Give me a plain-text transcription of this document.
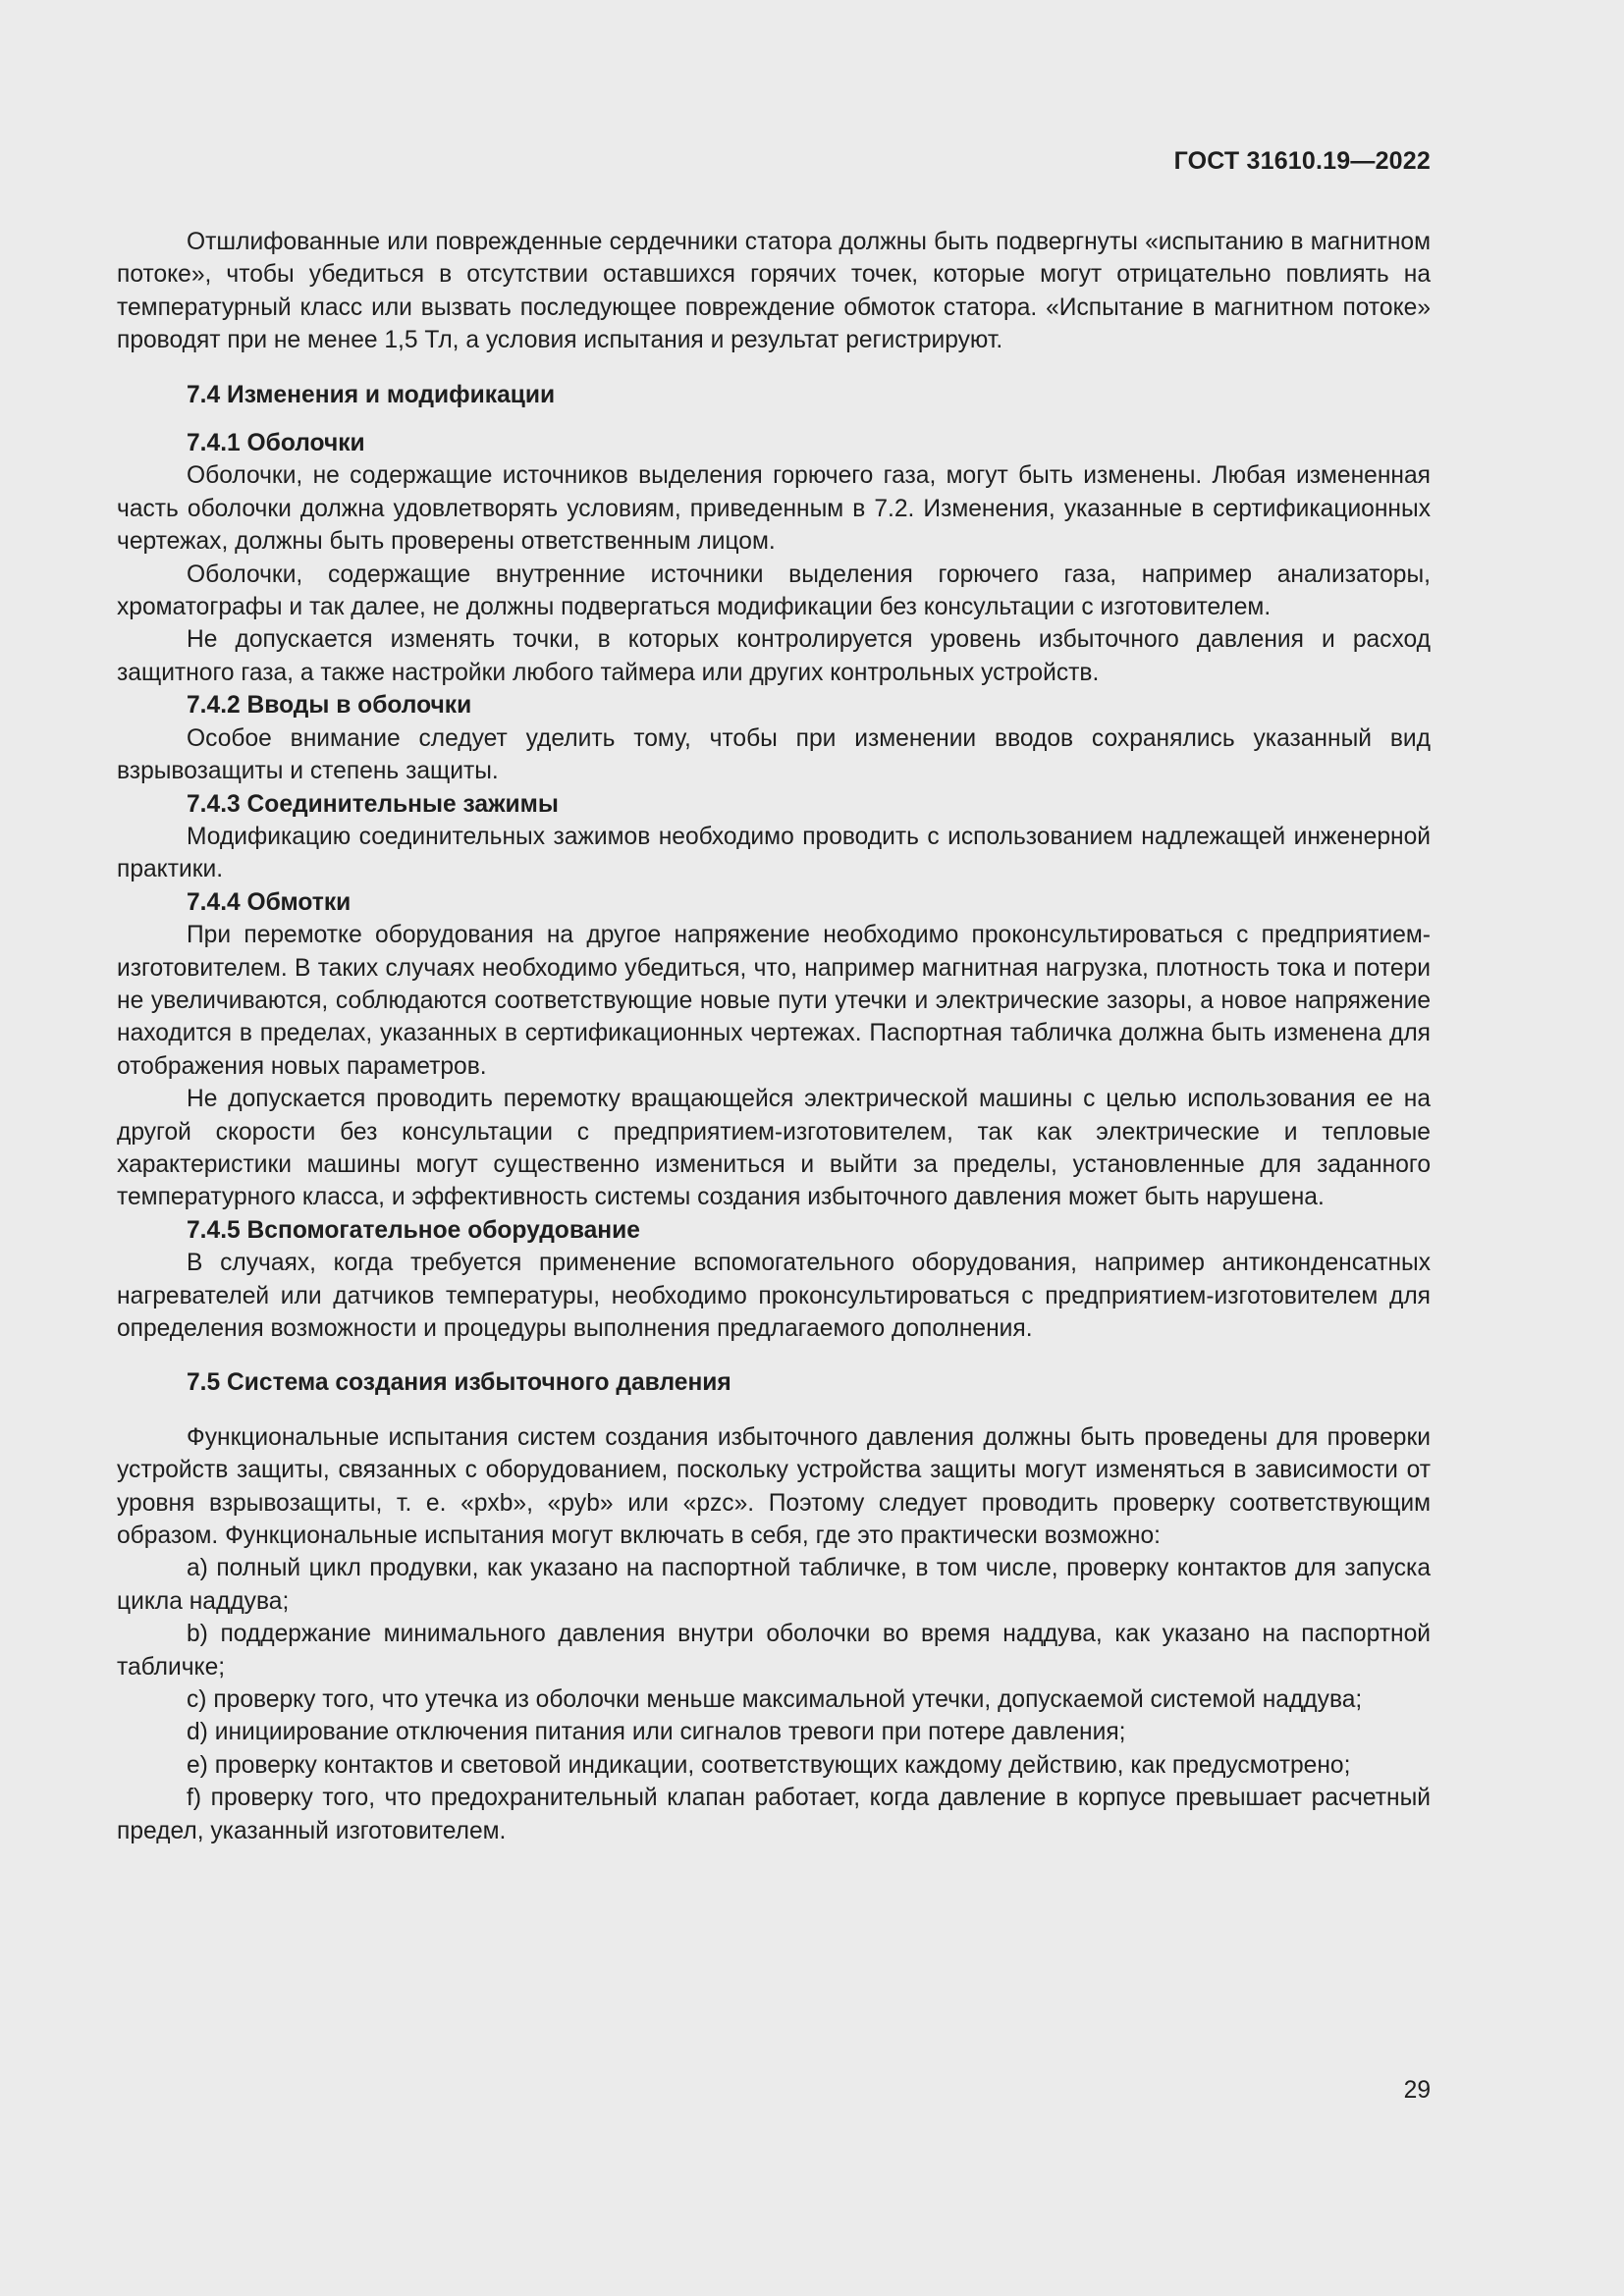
ГОСТ 31610.19—2022

Отшлифованные или поврежденные сердечники статора должны быть подвергнуты «испытанию в магнитном потоке», чтобы убедиться в отсутствии оставшихся горячих точек, которые могут отрицательно повлиять на температурный класс или вызвать последующее повреждение обмоток статора. «Испытание в магнитном потоке» проводят при не менее 1,5 Тл, а условия испытания и результат регистрируют.

7.4 Изменения и модификации
7.4.1 Оболочки

Оболочки, не содержащие источников выделения горючего газа, могут быть изменены. Любая измененная часть оболочки должна удовлетворять условиям, приведенным в 7.2. Изменения, указанные в сертификационных чертежах, должны быть проверены ответственным лицом.

Оболочки, содержащие внутренние источники выделения горючего газа, например анализаторы, хроматографы и так далее, не должны подвергаться модификации без консультации с изготовителем.

Не допускается изменять точки, в которых контролируется уровень избыточного давления и расход защитного газа, а также настройки любого таймера или других контрольных устройств.

7.4.2 Вводы в оболочки

Особое внимание следует уделить тому, чтобы при изменении вводов сохранялись указанный вид взрывозащиты и степень защиты.

7.4.3 Соединительные зажимы

Модификацию соединительных зажимов необходимо проводить с использованием надлежащей инженерной практики.

7.4.4 Обмотки

При перемотке оборудования на другое напряжение необходимо проконсультироваться с предприятием-изготовителем. В таких случаях необходимо убедиться, что, например магнитная нагрузка, плотность тока и потери не увеличиваются, соблюдаются соответствующие новые пути утечки и электрические зазоры, а новое напряжение находится в пределах, указанных в сертификационных чертежах. Паспортная табличка должна быть изменена для отображения новых параметров.

Не допускается проводить перемотку вращающейся электрической машины с целью использования ее на другой скорости без консультации с предприятием-изготовителем, так как электрические и тепловые характеристики машины могут существенно измениться и выйти за пределы, установленные для заданного температурного класса, и эффективность системы создания избыточного давления может быть нарушена.

7.4.5 Вспомогательное оборудование

В случаях, когда требуется применение вспомогательного оборудования, например антиконденсатных нагревателей или датчиков температуры, необходимо проконсультироваться с предприятием-изготовителем для определения возможности и процедуры выполнения предлагаемого дополнения.

7.5 Система создания избыточного давления

Функциональные испытания систем создания избыточного давления должны быть проведены для проверки устройств защиты, связанных с оборудованием, поскольку устройства защиты могут изменяться в зависимости от уровня взрывозащиты, т. е. «pxb», «pyb» или «pzc». Поэтому следует проводить проверку соответствующим образом. Функциональные испытания могут включать в себя, где это практически возможно:

a) полный цикл продувки, как указано на паспортной табличке, в том числе, проверку контактов для запуска цикла наддува;

b) поддержание минимального давления внутри оболочки во время наддува, как указано на паспортной табличке;

c) проверку того, что утечка из оболочки меньше максимальной утечки, допускаемой системой наддува;

d) инициирование отключения питания или сигналов тревоги при потере давления;

e) проверку контактов и световой индикации, соответствующих каждому действию, как предусмотрено;

f) проверку того, что предохранительный клапан работает, когда давление в корпусе превышает расчетный предел, указанный изготовителем.

29
